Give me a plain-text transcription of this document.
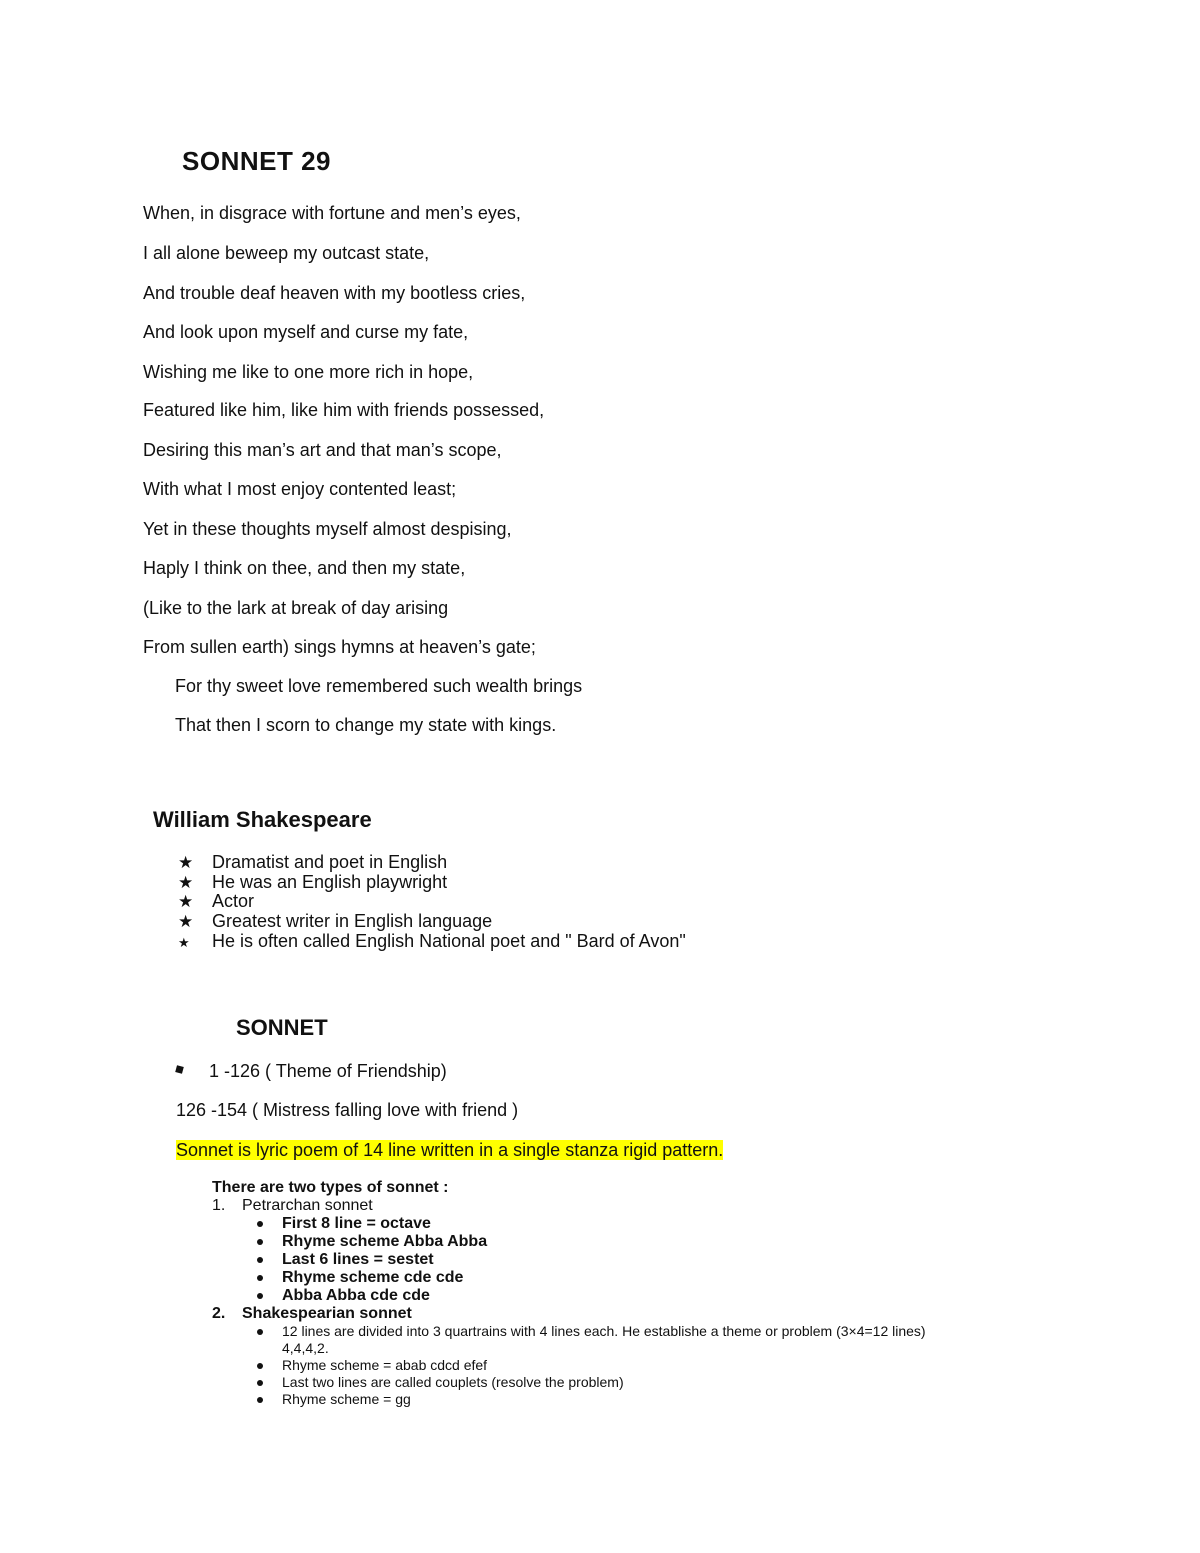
SONNET 29
When, in disgrace with fortune and men’s eyes,
I all alone beweep my outcast state,
And trouble deaf heaven with my bootless cries,
And look upon myself and curse my fate,
Wishing me like to one more rich in hope,
Featured like him, like him with friends possessed,
Desiring this man’s art and that man’s scope,
With what I most enjoy contented least;
Yet in these thoughts myself almost despising,
Haply I think on thee, and then my state,
(Like to the lark at break of day arising
From sullen earth) sings hymns at heaven’s gate;
For thy sweet love remembered such wealth brings
That then I scorn to change my state with kings.
William Shakespeare
★ Dramatist and poet in English
★ He was an English playwright
★ Actor
★ Greatest writer in English language
★ He is often called English National poet and " Bard of Avon"
SONNET
1 -126 ( Theme of Friendship)
126 -154 ( Mistress falling love with friend )
Sonnet is lyric poem of 14 line written in a single stanza rigid pattern.
There are two types of sonnet :
1. Petrarchan sonnet
First 8 line = octave
Rhyme scheme Abba Abba
Last 6 lines = sestet
Rhyme scheme cde cde
Abba Abba cde cde
2. Shakespearian sonnet
12 lines are divided into 3 quartrains with 4 lines each. He establishe a theme or problem (3×4=12 lines)
4,4,4,2.
Rhyme scheme = abab cdcd efef
Last two lines are called couplets (resolve the problem)
Rhyme scheme = gg
